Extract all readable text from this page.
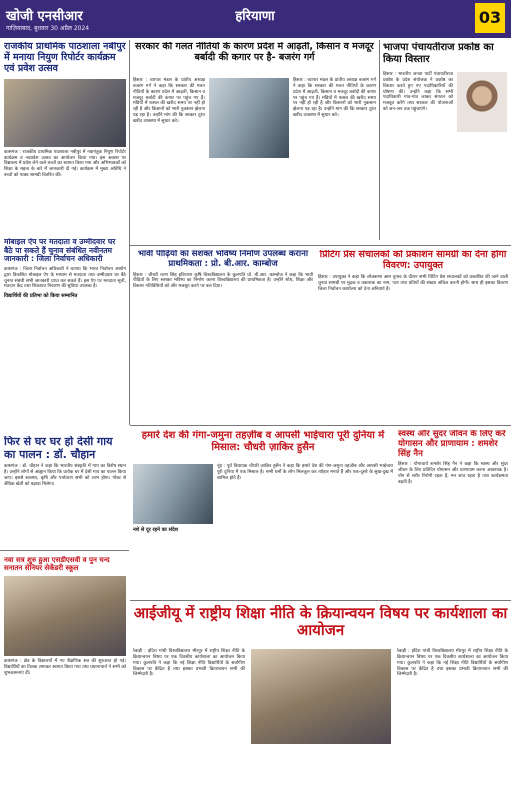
खोजी एनसीआर
गाज़ियाबाद, बुधवार 30 अप्रैल 2024
हरियाणा	03
राजकीय प्राथमिक पाठशाला नबीपुर में मनाया नियुण रिपोर्टर कार्यक्रम एवं प्रवेश उत्सव
कासगंज : राजकीय प्राथमिक पाठशाला नबीपुर में नवागंतुक नियुण रिपोर्टर कार्यक्रम व नवप्रवेश उत्सव का आयोजन किया गया। इस अवसर पर विद्यालय में प्रवेश लेने वाले बच्चों का स्वागत किया गया और अभिभावकों को शिक्षा के महत्व के बारे में जानकारी दी गई। कार्यक्रम में मुख्य अतिथि ने बच्चों को पाठ्य सामग्री वितरित की।
मोबाइल ऐप पर मतदाता व उम्मीदवार घर बैठे पा सकते हैं चुनाव संबंधित नवीनतम जानकारी : जिला निर्वाचन अधिकारी
कासगंज : जिला निर्वाचन अधिकारी ने बताया कि भारत निर्वाचन आयोग द्वारा विकसित मोबाइल ऐप के माध्यम से मतदाता तथा उम्मीदवार घर बैठे चुनाव संबंधी सभी जानकारी प्राप्त कर सकते हैं। इस ऐप पर मतदाता सूची, मतदान केंद्र तथा शिकायत निवारण की सुविधा उपलब्ध है।
विद्यार्थियों की प्रतिभा को किया सम्मानित
फिर से घर घर हो देसी गाय का पालन : डॉ. चौहान
कासगंज : डॉ. चौहान ने कहा कि भारतीय संस्कृति में गाय का विशेष स्थान है। उन्होंने लोगों से आह्वान किया कि प्रत्येक घर में देसी गाय का पालन किया जाए। इससे स्वास्थ्य, कृषि और पर्यावरण सभी को लाभ होगा। गोबर से जैविक खेती को बढ़ावा मिलेगा।
नवा सत्र शुरु हुआ एसडीएसवी व पुन चन्द सनातन सेनियर सेकेंडरी स्कूल
कासगंज : क्षेत्र के विद्यालयों में नए शैक्षणिक सत्र की शुरुआत हो गई। विद्यार्थियों का तिलक लगाकर स्वागत किया गया तथा प्रधानाचार्य ने सभी को शुभकामनाएं दीं।
सरकार की गलत नीतियों के कारण प्रदेश में आढ़ती, किसान व मजदूर बर्बादी की कगार पर है- बजरंग गर्ग
हिसार : व्यापार मंडल के प्रांतीय अध्यक्ष बजरंग गर्ग ने कहा कि सरकार की गलत नीतियों के कारण प्रदेश में आढ़ती, किसान व मजदूर बर्बादी की कगार पर पहुंच गए हैं। मंडियों में फसल की खरीद समय पर नहीं हो रही है और किसानों को भारी नुकसान झेलना पड़ रहा है। उन्होंने मांग की कि सरकार तुरंत खरीद व्यवस्था में सुधार करे।
हिसार : व्यापार मंडल के प्रांतीय अध्यक्ष बजरंग गर्ग ने कहा कि सरकार की गलत नीतियों के कारण प्रदेश में आढ़ती, किसान व मजदूर बर्बादी की कगार पर पहुंच गए हैं। मंडियों में फसल की खरीद समय पर नहीं हो रही है और किसानों को भारी नुकसान झेलना पड़ रहा है। उन्होंने मांग की कि सरकार तुरंत खरीद व्यवस्था में सुधार करे।
भाजपा पंचायतीराज प्रकोष्ठ का किया विस्तार
हिसार : भारतीय जनता पार्टी पंचायतीराज प्रकोष्ठ के प्रदेश संयोजक ने प्रकोष्ठ का विस्तार करते हुए नए पदाधिकारियों की घोषणा की। उन्होंने कहा कि सभी पदाधिकारी गांव-गांव जाकर संगठन को मजबूत करेंगे तथा सरकार की योजनाओं को जन-जन तक पहुंचाएंगे।
भावी पीढ़ियों का सशक्त भविष्य निर्माण उपलब्ध कराना प्राथमिकता : प्रो. बी.आर. काम्बोज
हिसार : चौधरी चरण सिंह हरियाणा कृषि विश्वविद्यालय के कुलपति प्रो. बी.आर. काम्बोज ने कहा कि भावी पीढ़ियों के लिए सशक्त भविष्य का निर्माण करना विश्वविद्यालय की प्राथमिकता है। उन्होंने शोध, शिक्षा और विस्तार गतिविधियों को और मजबूत करने पर बल दिया।
प्रिंटिंग प्रेस संचालकों को प्रकाशन सामग्री का देना होगा विवरण: उपायुक्त
हिसार : उपायुक्त ने कहा कि लोकसभा आम चुनाव के दौरान सभी प्रिंटिंग प्रेस संचालकों को प्रकाशित की जाने वाली चुनाव सामग्री पर मुद्रक व प्रकाशक का नाम, पता तथा प्रतियों की संख्या अंकित करनी होगी। साथ ही इसका विवरण जिला निर्वाचन कार्यालय को देना अनिवार्य है।
हमारे देश की गंगा-जमुना तहज़ीब व आपसी भाईचारा पूरी दुनिया में मिसाल: चौधरी ज़ाकिर हुसैन
नूंह : पूर्व विधायक चौधरी ज़ाकिर हुसैन ने कहा कि हमारे देश की गंगा-जमुना तहज़ीब और आपसी भाईचारा पूरी दुनिया में एक मिसाल है। सभी धर्मों के लोग मिलजुल कर त्योहार मनाते हैं और एक-दूसरे के सुख-दुख में शामिल होते हैं।
नशे से दूर रहने का संदेश
स्वस्थ और सुंदर जीवन के लिए करें योगासन और प्राणायाम : शमशेर सिंह नैन
हिसार : योगाचार्य शमशेर सिंह नैन ने कहा कि स्वस्थ और सुंदर जीवन के लिए प्रतिदिन योगासन और प्राणायाम करना आवश्यक है। योग से शरीर निरोगी रहता है, मन शांत रहता है तथा कार्यक्षमता बढ़ती है।
आईजीयू में राष्ट्रीय शिक्षा नीति के क्रियान्वयन विषय पर कार्यशाला का आयोजन
रेवाड़ी : इंदिरा गांधी विश्वविद्यालय मीरपुर में राष्ट्रीय शिक्षा नीति के क्रियान्वयन विषय पर एक दिवसीय कार्यशाला का आयोजन किया गया। कुलपति ने कहा कि नई शिक्षा नीति विद्यार्थियों के सर्वांगीण विकास पर केंद्रित है तथा इसका प्रभावी क्रियान्वयन सभी की जिम्मेदारी है।
रेवाड़ी : इंदिरा गांधी विश्वविद्यालय मीरपुर में राष्ट्रीय शिक्षा नीति के क्रियान्वयन विषय पर एक दिवसीय कार्यशाला का आयोजन किया गया। कुलपति ने कहा कि नई शिक्षा नीति विद्यार्थियों के सर्वांगीण विकास पर केंद्रित है तथा इसका प्रभावी क्रियान्वयन सभी की जिम्मेदारी है।
